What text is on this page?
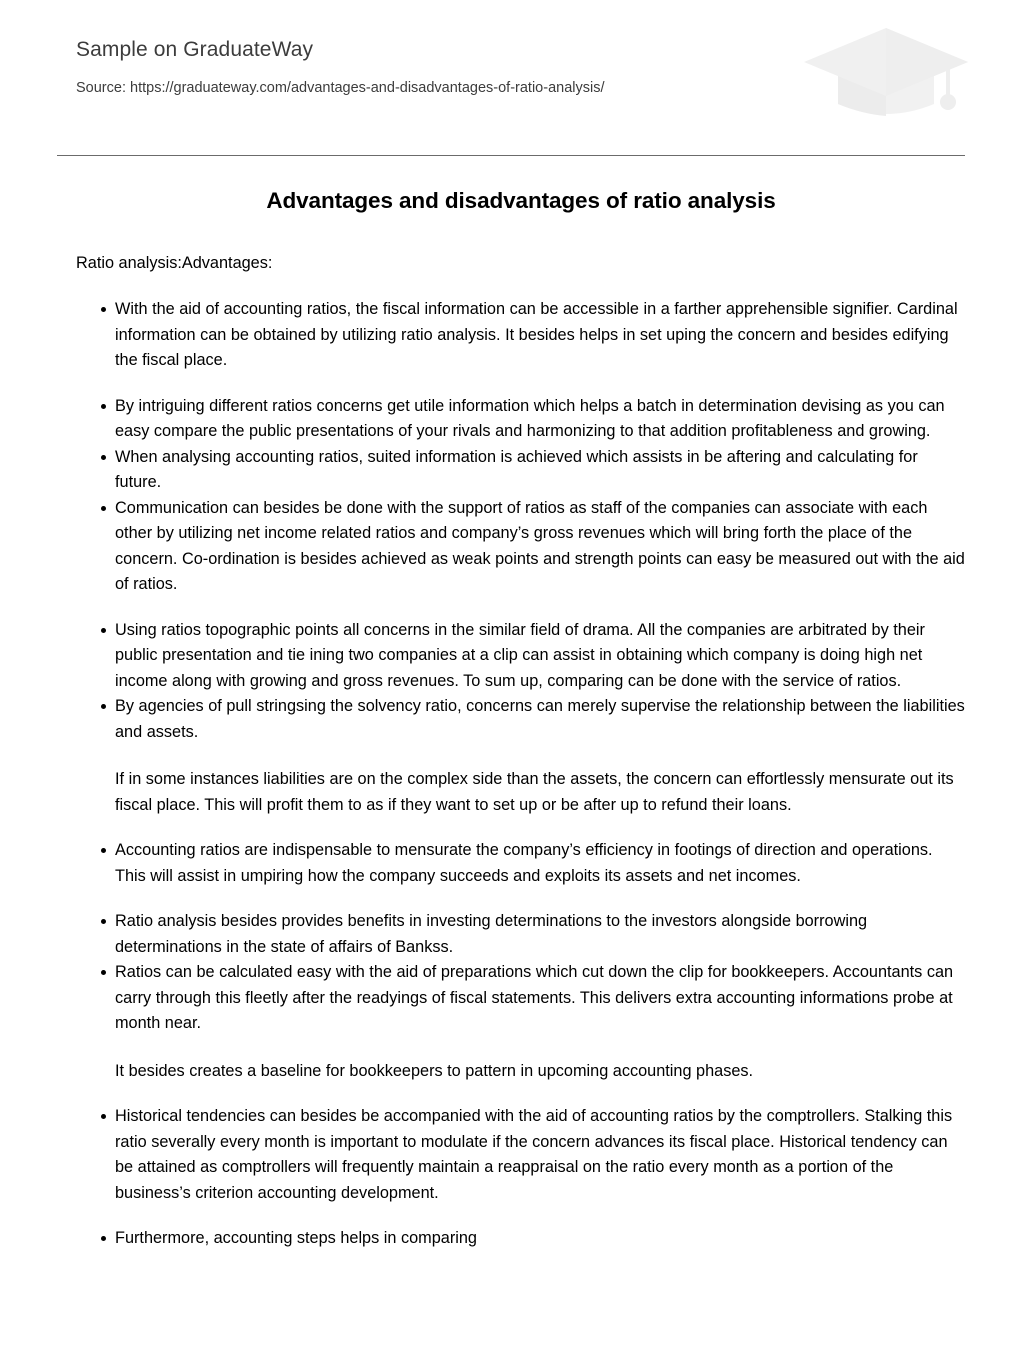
Sample on GraduateWay
Source: https://graduateway.com/advantages-and-disadvantages-of-ratio-analysis/
Advantages and disadvantages of ratio analysis

Ratio analysis:Advantages:

With the aid of accounting ratios, the fiscal information can be accessible in a farther apprehensible signifier. Cardinal information can be obtained by utilizing ratio analysis. It besides helps in set uping the concern and besides edifying the fiscal place.
By intriguing different ratios concerns get utile information which helps a batch in determination devising as you can easy compare the public presentations of your rivals and harmonizing to that addition profitableness and growing.
When analysing accounting ratios, suited information is achieved which assists in be aftering and calculating for future.
Communication can besides be done with the support of ratios as staff of the companies can associate with each other by utilizing net income related ratios and company’s gross revenues which will bring forth the place of the concern. Co-ordination is besides achieved as weak points and strength points can easy be measured out with the aid of ratios.
Using ratios topographic points all concerns in the similar field of drama. All the companies are arbitrated by their public presentation and tie ining two companies at a clip can assist in obtaining which company is doing high net income along with growing and gross revenues. To sum up, comparing can be done with the service of ratios.
By agencies of pull stringsing the solvency ratio, concerns can merely supervise the relationship between the liabilities and assets.

If in some instances liabilities are on the complex side than the assets, the concern can effortlessly mensurate out its fiscal place. This will profit them to as if they want to set up or be after up to refund their loans.

Accounting ratios are indispensable to mensurate the company’s efficiency in footings of direction and operations. This will assist in umpiring how the company succeeds and exploits its assets and net incomes.
Ratio analysis besides provides benefits in investing determinations to the investors alongside borrowing determinations in the state of affairs of Bankss.
Ratios can be calculated easy with the aid of preparations which cut down the clip for bookkeepers. Accountants can carry through this fleetly after the readyings of fiscal statements. This delivers extra accounting informations probe at month near.

It besides creates a baseline for bookkeepers to pattern in upcoming accounting phases.

Historical tendencies can besides be accompanied with the aid of accounting ratios by the comptrollers. Stalking this ratio severally every month is important to modulate if the concern advances its fiscal place. Historical tendency can be attained as comptrollers will frequently maintain a reappraisal on the ratio every month as a portion of the business’s criterion accounting development.
Furthermore, accounting steps helps in comparing
